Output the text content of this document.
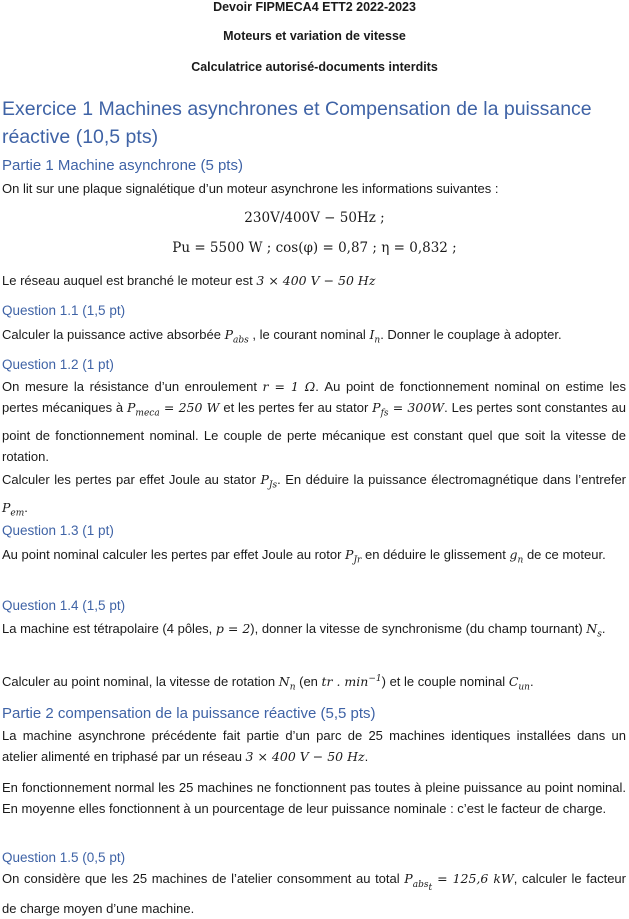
Devoir FIPMECA4 ETT2 2022-2023
Moteurs et variation de vitesse
Calculatrice autorisé-documents interdits
Exercice 1 Machines asynchrones et Compensation de la puissance réactive (10,5 pts)
Partie 1 Machine asynchrone (5 pts)
On lit sur une plaque signalétique d’un moteur asynchrone les informations suivantes :
230V/400V − 50Hz ;
Pu = 5500 W ; cos(φ) = 0,87 ; η = 0,832 ;
Le réseau auquel est branché le moteur est 3 × 400 V − 50 Hz
Question 1.1 (1,5 pt)
Calculer la puissance active absorbée $P_{abs}$ , le courant nominal $I_n$. Donner le couplage à adopter.
Question 1.2 (1 pt)
On mesure la résistance d’un enroulement r = 1 Ω. Au point de fonctionnement nominal on estime les pertes mécaniques à $P_{meca} = 250$ W et les pertes fer au stator $P_{fs} = 300W$. Les pertes sont constantes au point de fonctionnement nominal. Le couple de perte mécanique est constant quel que soit la vitesse de rotation.
Calculer les pertes par effet Joule au stator $P_{Js}$. En déduire la puissance électromagnétique dans l’entrefer $P_{em}$.
Question 1.3 (1 pt)
Au point nominal calculer les pertes par effet Joule au rotor $P_{Jr}$ en déduire le glissement $g_n$ de ce moteur.
Question 1.4 (1,5 pt)
La machine est tétrapolaire (4 pôles, p = 2), donner la vitesse de synchronisme (du champ tournant) $N_s$.
Calculer au point nominal, la vitesse de rotation $N_n$ (en tr . $\min^{-1}$) et le couple nominal $C_{un}$.
Partie 2 compensation de la puissance réactive (5,5 pts)
La machine asynchrone précédente fait partie d’un parc de 25 machines identiques installées dans un atelier alimenté en triphasé par un réseau 3 × 400 V − 50 Hz.
En fonctionnement normal les 25 machines ne fonctionnent pas toutes à pleine puissance au point nominal. En moyenne elles fonctionnent à un pourcentage de leur puissance nominale : c’est le facteur de charge.
Question 1.5 (0,5 pt)
On considère que les 25 machines de l’atelier consomment au total $P_{abs_t} = 125,6$ kW, calculer le facteur de charge moyen d’une machine.
